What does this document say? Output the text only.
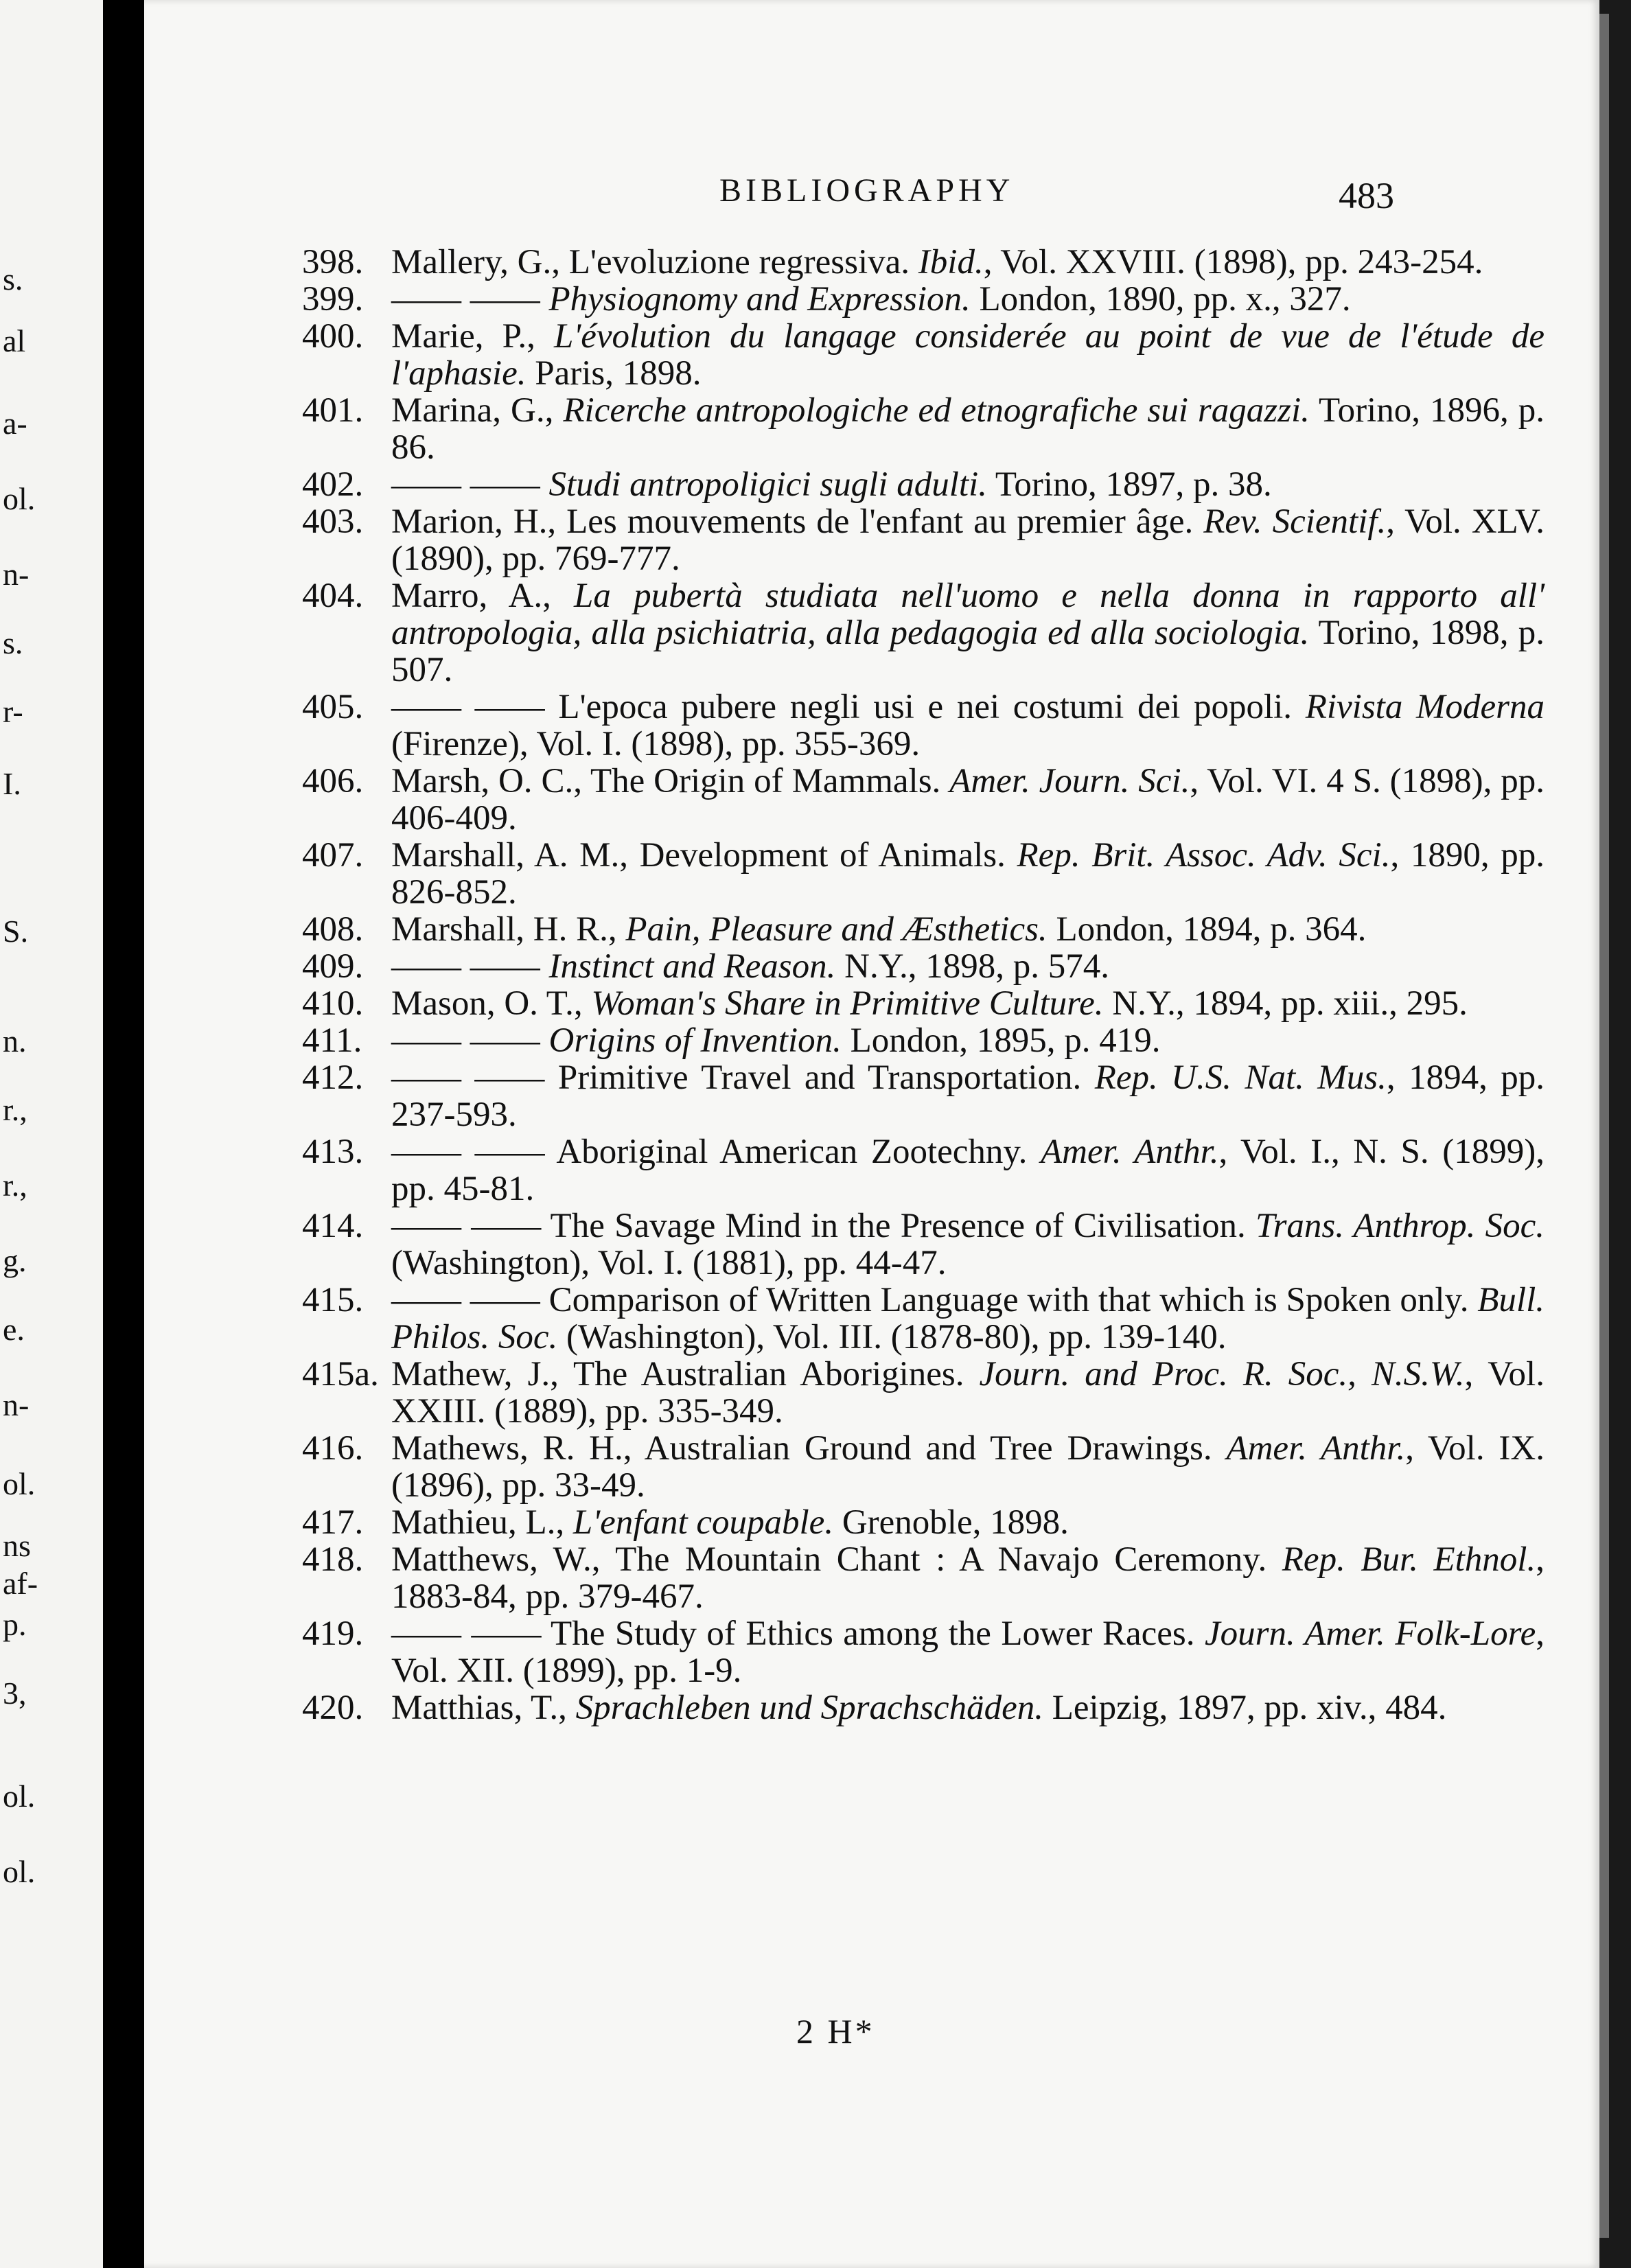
s.
al
a-
ol.
n-
s.
r-
I.
S.
n.
r.,
r.,
g.
e.
n-
ol.
ns
af-
p.
3,
ol.
ol.
BIBLIOGRAPHY	483
398. Mallery, G., L'evoluzione regressiva. Ibid., Vol. XXVIII. (1898), pp. 243-254.
399. —— —— Physiognomy and Expression. London, 1890, pp. x., 327.
400. Marie, P., L'évolution du langage considerée au point de vue de l'étude de l'aphasie. Paris, 1898.
401. Marina, G., Ricerche antropologiche ed etnografiche sui ragazzi. Torino, 1896, p. 86.
402. —— —— Studi antropoligici sugli adulti. Torino, 1897, p. 38.
403. Marion, H., Les mouvements de l'enfant au premier âge. Rev. Scientif., Vol. XLV. (1890), pp. 769-777.
404. Marro, A., La pubertà studiata nell'uomo e nella donna in rapporto all' antropologia, alla psichiatria, alla pedagogia ed alla sociologia. Torino, 1898, p. 507.
405. —— —— L'epoca pubere negli usi e nei costumi dei popoli. Rivista Moderna (Firenze), Vol. I. (1898), pp. 355-369.
406. Marsh, O. C., The Origin of Mammals. Amer. Journ. Sci., Vol. VI. 4 S. (1898), pp. 406-409.
407. Marshall, A. M., Development of Animals. Rep. Brit. Assoc. Adv. Sci., 1890, pp. 826-852.
408. Marshall, H. R., Pain, Pleasure and Æsthetics. London, 1894, p. 364.
409. —— —— Instinct and Reason. N.Y., 1898, p. 574.
410. Mason, O. T., Woman's Share in Primitive Culture. N.Y., 1894, pp. xiii., 295.
411. —— —— Origins of Invention. London, 1895, p. 419.
412. —— —— Primitive Travel and Transportation. Rep. U.S. Nat. Mus., 1894, pp. 237-593.
413. —— —— Aboriginal American Zootechny. Amer. Anthr., Vol. I., N. S. (1899), pp. 45-81.
414. —— —— The Savage Mind in the Presence of Civilisation. Trans. Anthrop. Soc. (Washington), Vol. I. (1881), pp. 44-47.
415. —— —— Comparison of Written Language with that which is Spoken only. Bull. Philos. Soc. (Washington), Vol. III. (1878-80), pp. 139-140.
415a. Mathew, J., The Australian Aborigines. Journ. and Proc. R. Soc., N.S.W., Vol. XXIII. (1889), pp. 335-349.
416. Mathews, R. H., Australian Ground and Tree Drawings. Amer. Anthr., Vol. IX. (1896), pp. 33-49.
417. Mathieu, L., L'enfant coupable. Grenoble, 1898.
418. Matthews, W., The Mountain Chant : A Navajo Ceremony. Rep. Bur. Ethnol., 1883-84, pp. 379-467.
419. —— —— The Study of Ethics among the Lower Races. Journ. Amer. Folk-Lore, Vol. XII. (1899), pp. 1-9.
420. Matthias, T., Sprachleben und Sprachschäden. Leipzig, 1897, pp. xiv., 484.
2 H*
